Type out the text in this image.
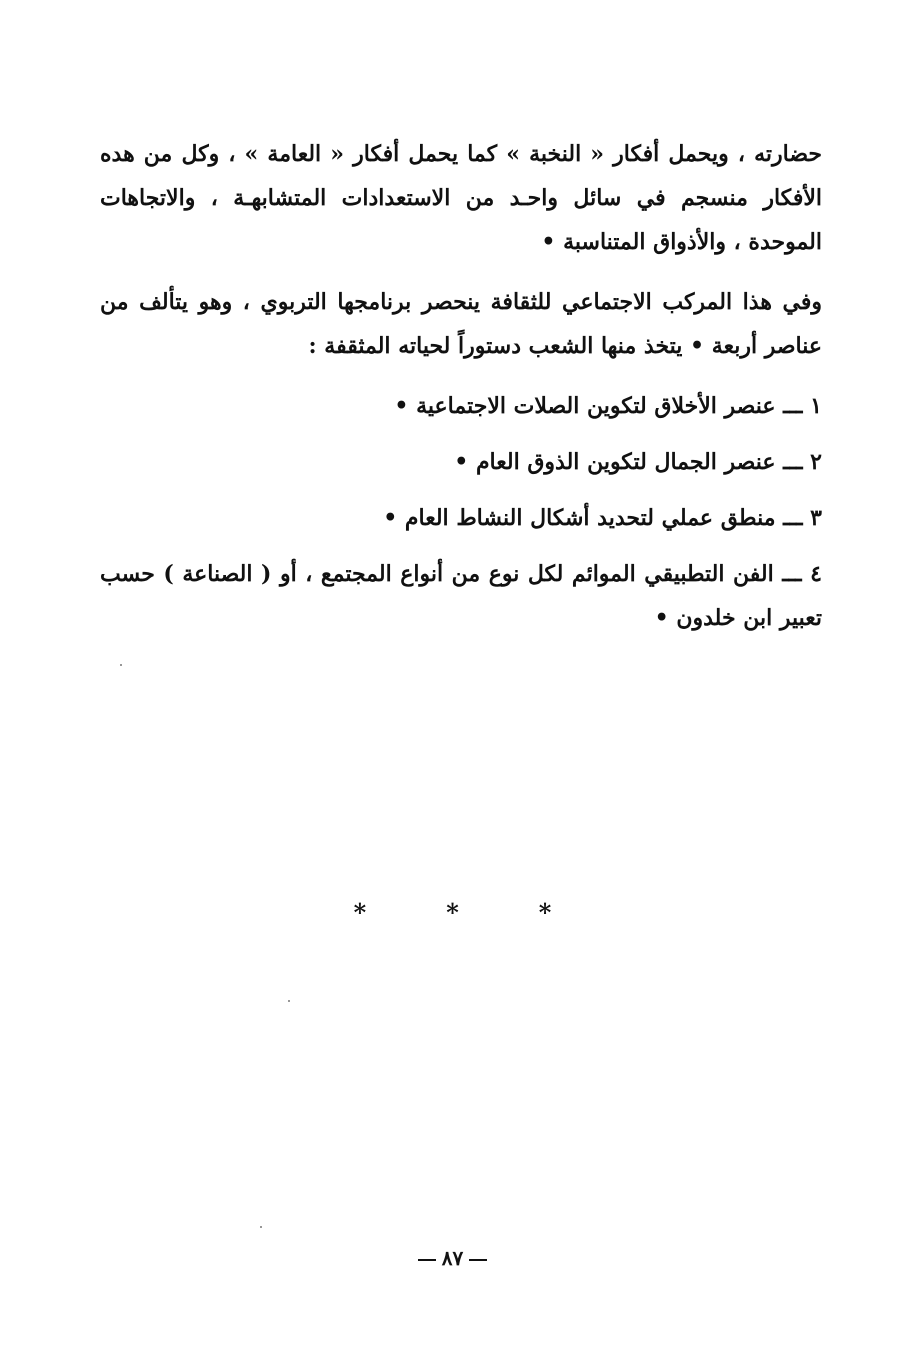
حضارته ، ويحمل أفكار « النخبة » كما يحمل أفكار « العامة » ، وكل من هده الأفكار منسجم في سائل واحـد من الاستعدادات المتشابهـة ، والاتجاهات الموحدة ، والأذواق المتناسبة •

وفي هذا المركب الاجتماعي للثقافة ينحصر برنامجها التربوي ، وهو يتألف من عناصر أربعة • يتخذ منها الشعب دستوراً لحياته المثقفة :

١ ـــ عنصر الأخلاق لتكوين الصلات الاجتماعية •

٢ ـــ عنصر الجمال لتكوين الذوق العام •

٣ ـــ منطق عملي لتحديد أشكال النشاط العام •

٤ ـــ الفن التطبيقي الموائم لكل نوع من أنواع المجتمع ، أو ( الصناعة ) حسب تعبير ابن خلدون •

* * *
٨٧
